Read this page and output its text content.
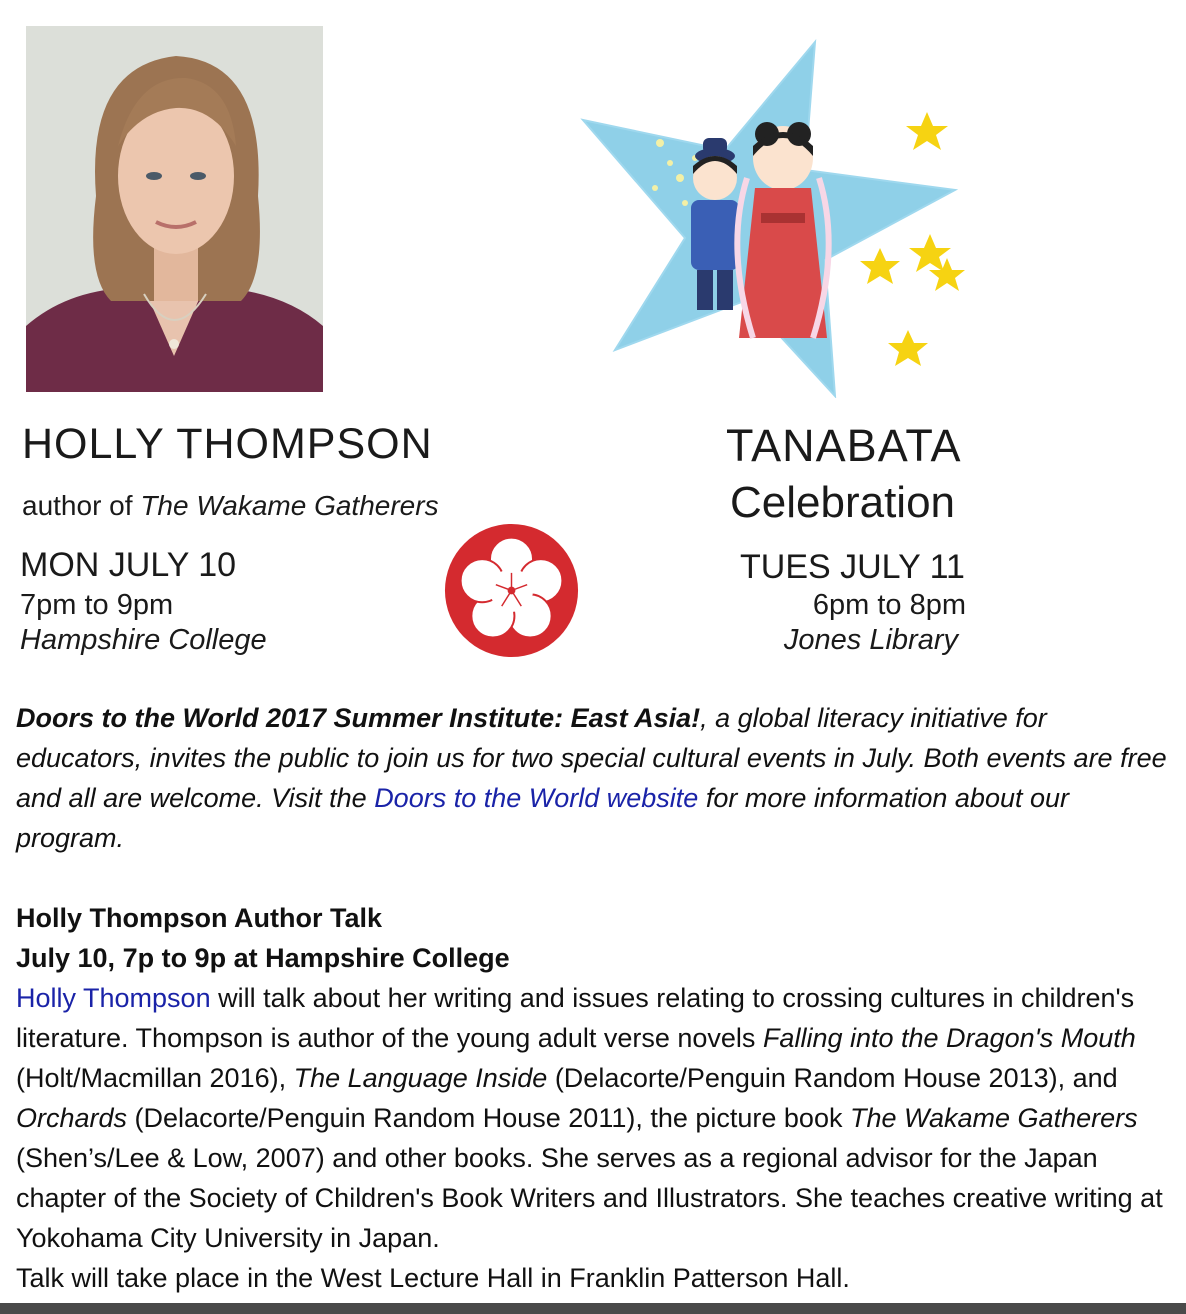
HOLLY THOMPSON
author of The Wakame Gatherers
MON JULY 10
7pm to 9pm
Hampshire College
TANABATA
Celebration
TUES JULY 11
6pm to 8pm
Jones Library

Doors to the World 2017 Summer Institute: East Asia!, a global literacy initiative for educators, invites the public to join us for two special cultural events in July. Both events are free and all are welcome. Visit the Doors to the World website for more information about our program.

Holly Thompson Author Talk
July 10, 7p to 9p at Hampshire College

Holly Thompson will talk about her writing and issues relating to crossing cultures in children's literature. Thompson is author of the young adult verse novels Falling into the Dragon's Mouth (Holt/Macmillan 2016), The Language Inside (Delacorte/Penguin Random House 2013), and Orchards (Delacorte/Penguin Random House 2011), the picture book The Wakame Gatherers (Shen’s/Lee & Low, 2007) and other books. She serves as a regional advisor for the Japan chapter of the Society of Children's Book Writers and Illustrators. She teaches creative writing at Yokohama City University in Japan.

Talk will take place in the West Lecture Hall in Franklin Patterson Hall.
